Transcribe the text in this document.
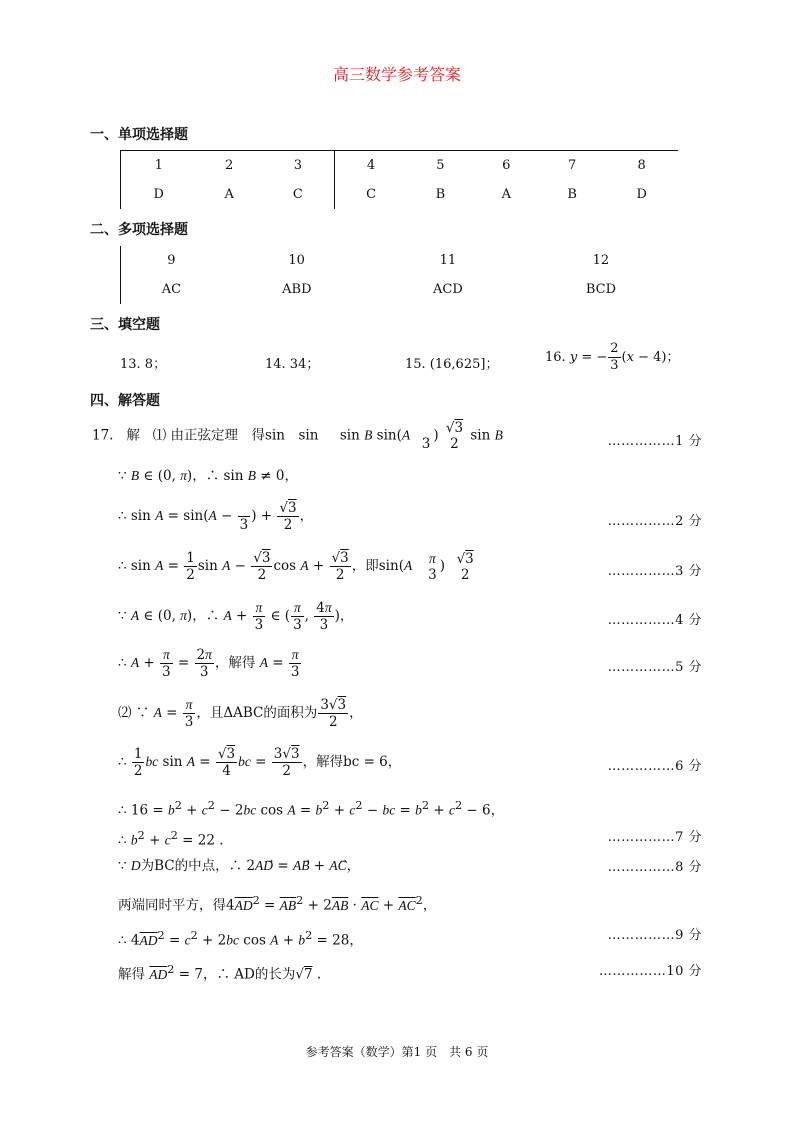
高三数学参考答案
一、单项选择题
1	2	3	4	5	6	7	8
D	A	C	C	B	A	B	D
二、多项选择题
9	10	11	12
AC	ABD	ACD	BCD
三、填空题
13. 8；	14. 34；	15. (16,625]；	16. y = − $\frac{2}{3} (x - 4)$；
四、解答题
17. 解 ⑴ 由正弦定理　得sin　sin     sin B sin(A

3
) √3
2
sin B	……………1 分
∵ B ∈ (0, π)，∴ sin B ≠ 0，
∴ sin A = sin(A −

3
) + $\frac{√3}{2}$ ，	……………2 分
∴ $\sin A = \frac{1}{2}$ $\sin A - \frac{√3}{2}$ $\cos A + \frac{√3}{2}$ ，即sin(A π
3
) √3
2	……………3 分
∵ A ∈ (0, π)，∴ $A + \frac{\pi}{3}$ ∈ ( $\frac{\pi}{3}$ , $\frac{4\pi}{3}$ )，	……………4 分
∴ $A + \frac{\pi}{3} = \frac{2\pi}{3}$ ，解得 $A = \frac{\pi}{3}$	……………5 分
⑵ ∵ $A = \frac{\pi}{3}$ ，且ΔABC的面积为 $\frac{3√3}{2}$ ，
∴ $\frac{1}{2}$ bc $\sin A = \frac{√3}{4}$ bc = $\frac{3√3}{2}$ ，解得bc = 6，	……………6 分
∴ $16 = b^2 + c^2 - 2bc$ $\cos A = b^2 + c^2$ − bc = $b^2 + c^2 - 6$，
∴ $b^2 + c^2 = 22$ .	……………7 分
∵ D为BC的中点，∴ 2AD⃗ = AB⃗ + AC⃗，	……………8 分
两端同时平方，得$4\overline{AD}^2 = \overline{AB}^2 + 2\overline{AB} \cdot \overline{AC} + \overline{AC}^2$，
∴ $4\overline{AD}^2 = c^2 + 2bc$ $\cos A + b^2 = 28$，	……………9 分
解得 $\overline{AD}^2 = 7$，∴ AD的长为√7 .	……………10 分
参考答案（数学）第1 页　共 6 页
